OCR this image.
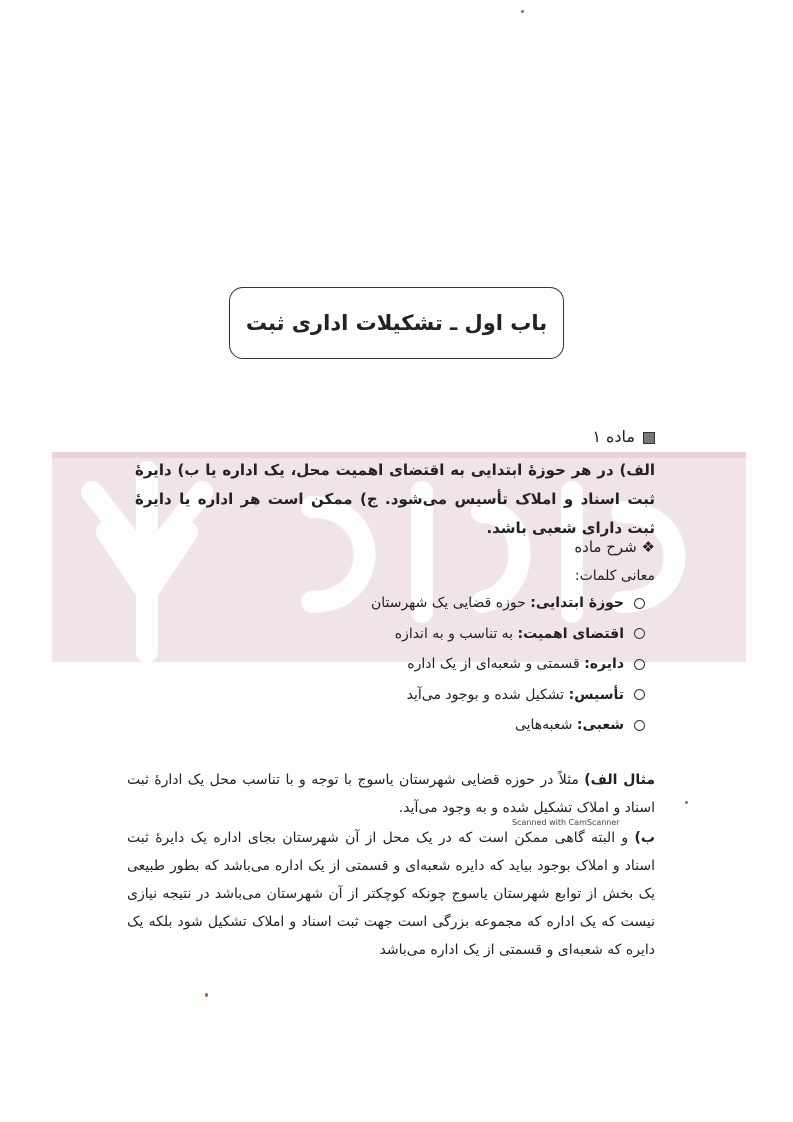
باب اول ـ تشکیلات اداری ثبت
ماده ۱
الف) در هر حوزهٔ ابتدایی به اقتضای اهمیت محل، یک اداره یا ب) دایرهٔ ثبت اسناد و املاک تأسیس می‌شود. ج) ممکن است هر اداره یا دایرهٔ ثبت دارای شعبی باشد.
❖ شرح ماده
معانی کلمات:
حوزهٔ ابتدایی: حوزه قضایی یک شهرستان
اقتضای اهمیت: به تناسب و به اندازه
دایره: قسمتی و شعبه‌ای از یک اداره
تأسیس: تشکیل شده و بوجود می‌آید
شعبی: شعبه‌هایی
مثال الف) مثلاً در حوزه قضایی شهرستان یاسوج با توجه و با تناسب محل یک ادارهٔ ثبت اسناد و املاک تشکیل شده و به وجود می‌آید.
ب) و البته گاهی ممکن است که در یک محل از آن شهرستان بجای اداره یک دایرهٔ ثبت اسناد و املاک بوجود بیاید که دایره شعبه‌ای و قسمتی از یک اداره می‌باشد که بطور طبیعی یک بخش از توابع شهرستان یاسوج چونکه کوچکتر از آن شهرستان می‌باشد در نتیجه نیازی نیست که یک اداره که مجموعه بزرگی است جهت ثبت اسناد و املاک تشکیل شود بلکه یک دایره که شعبه‌ای و قسمتی از یک اداره می‌باشد
Scanned with CamScanner
